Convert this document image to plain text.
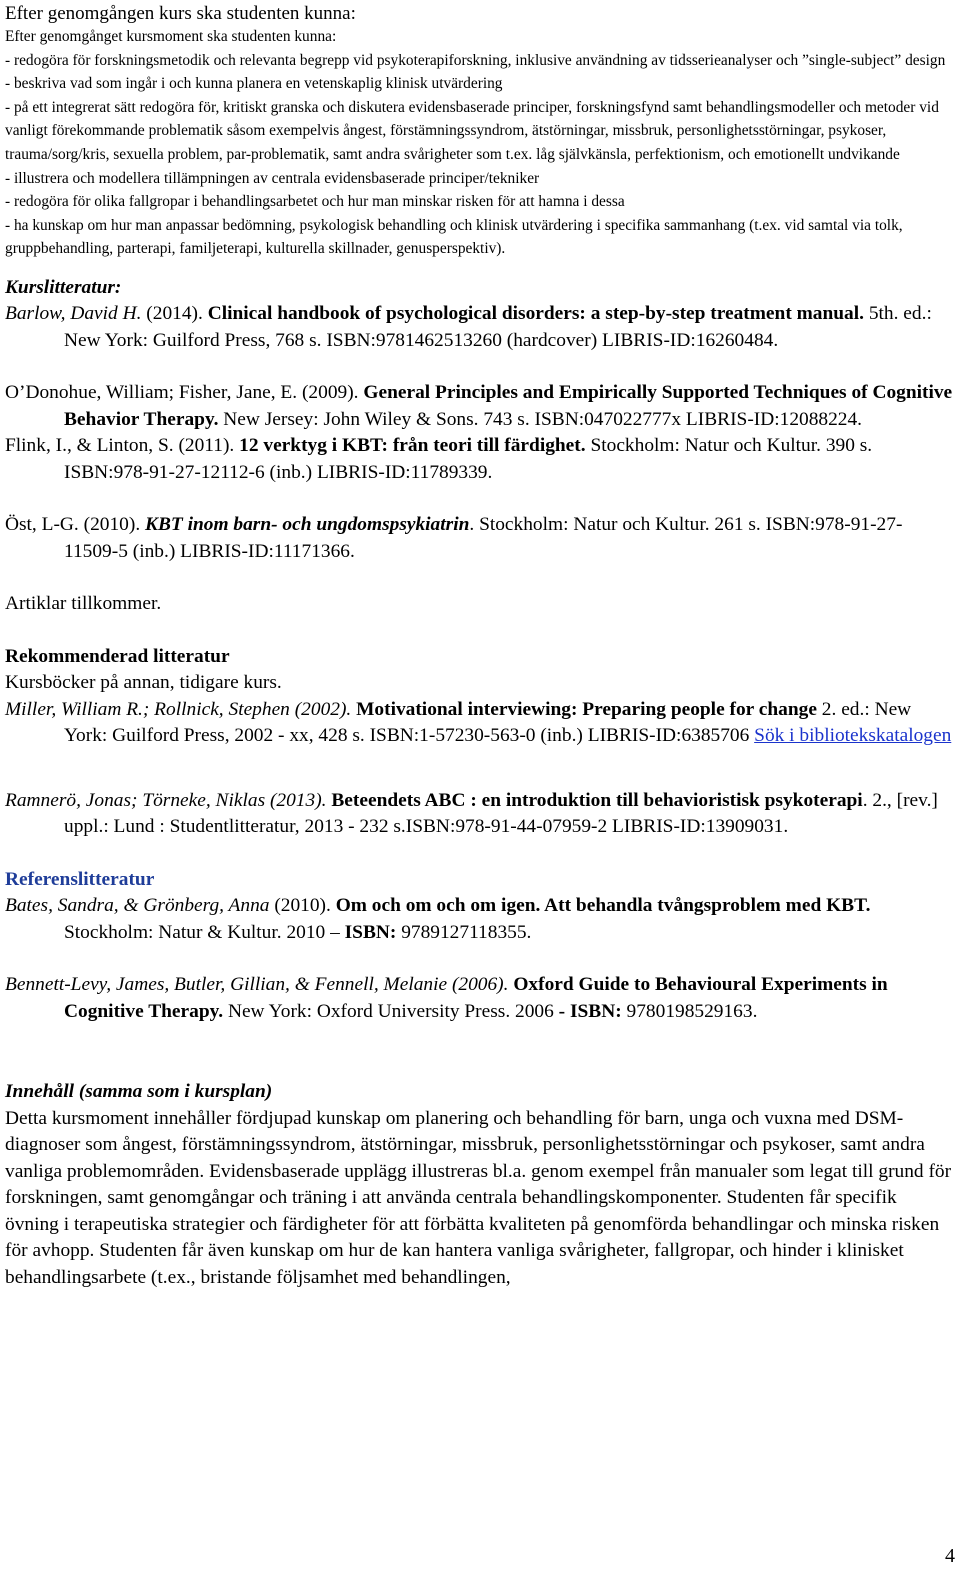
Efter genomgången kurs ska studenten kunna:

Efter genomgånget kursmoment ska studenten kunna:

- redogöra för forskningsmetodik och relevanta begrepp vid psykoterapiforskning, inklusive användning av tidsserieanalyser och ”single-subject” design

- beskriva vad som ingår i och kunna planera en vetenskaplig klinisk utvärdering

- på ett integrerat sätt redogöra för, kritiskt granska och diskutera evidensbaserade principer, forskningsfynd samt behandlingsmodeller och metoder vid vanligt förekommande problematik såsom exempelvis ångest, förstämningssyndrom, ätstörningar, missbruk, personlighetsstörningar, psykoser, trauma/sorg/kris, sexuella problem, par-problematik, samt andra svårigheter som t.ex. låg självkänsla, perfektionism, och emotionellt undvikande

- illustrera och modellera tillämpningen av centrala evidensbaserade principer/tekniker

- redogöra för olika fallgropar i behandlingsarbetet och hur man minskar risken för att hamna i dessa

- ha kunskap om hur man anpassar bedömning, psykologisk behandling och klinisk utvärdering i specifika sammanhang (t.ex. vid samtal via tolk, gruppbehandling, parterapi, familjeterapi, kulturella skillnader, genusperspektiv).

Kurslitteratur:

Barlow, David H. (2014). Clinical handbook of psychological disorders: a step-by-step treatment manual. 5th. ed.: New York: Guilford Press, 768 s. ISBN:9781462513260 (hardcover) LIBRIS-ID:16260484.

O’Donohue, William; Fisher, Jane, E. (2009). General Principles and Empirically Supported Techniques of Cognitive Behavior Therapy. New Jersey: John Wiley & Sons. 743 s. ISBN:047022777x LIBRIS-ID:12088224.

Flink, I., & Linton, S. (2011). 12 verktyg i KBT: från teori till färdighet. Stockholm: Natur och Kultur. 390 s. ISBN:978-91-27-12112-6 (inb.) LIBRIS-ID:11789339.

Öst, L-G. (2010). KBT inom barn- och ungdomspsykiatrin. Stockholm: Natur och Kultur. 261 s. ISBN:978-91-27-11509-5 (inb.) LIBRIS-ID:11171366.

Artiklar tillkommer.

Rekommenderad litteratur

Kursböcker på annan, tidigare kurs.

Miller, William R.; Rollnick, Stephen (2002). Motivational interviewing: Preparing people for change 2. ed.: New York: Guilford Press, 2002 - xx, 428 s. ISBN:1-57230-563-0 (inb.) LIBRIS-ID:6385706 Sök i bibliotekskatalogen

Ramnerö, Jonas; Törneke, Niklas (2013). Beteendets ABC : en introduktion till behavioristisk psykoterapi. 2., [rev.] uppl.: Lund : Studentlitteratur, 2013 - 232 s.ISBN:978-91-44-07959-2 LIBRIS-ID:13909031.

Referenslitteratur

Bates, Sandra, & Grönberg, Anna (2010). Om och om och om igen. Att behandla tvångsproblem med KBT. Stockholm: Natur & Kultur. 2010 – ISBN: 9789127118355.

Bennett-Levy, James, Butler, Gillian, & Fennell, Melanie (2006). Oxford Guide to Behavioural Experiments in Cognitive Therapy. New York: Oxford University Press. 2006 - ISBN: 9780198529163.

Innehåll (samma som i kursplan)

Detta kursmoment innehåller fördjupad kunskap om planering och behandling för barn, unga och vuxna med DSM-diagnoser som ångest, förstämningssyndrom, ätstörningar, missbruk, personlighetsstörningar och psykoser, samt andra vanliga problemområden. Evidensbaserade upplägg illustreras bl.a. genom exempel från manualer som legat till grund för forskningen, samt genomgångar och träning i att använda centrala behandlingskomponenter. Studenten får specifik övning i terapeutiska strategier och färdigheter för att förbätta kvaliteten på genomförda behandlingar och minska risken för avhopp. Studenten får även kunskap om hur de kan hantera vanliga svårigheter, fallgropar, och hinder i klinisket behandlingsarbete (t.ex., bristande följsamhet med behandlingen,

4
